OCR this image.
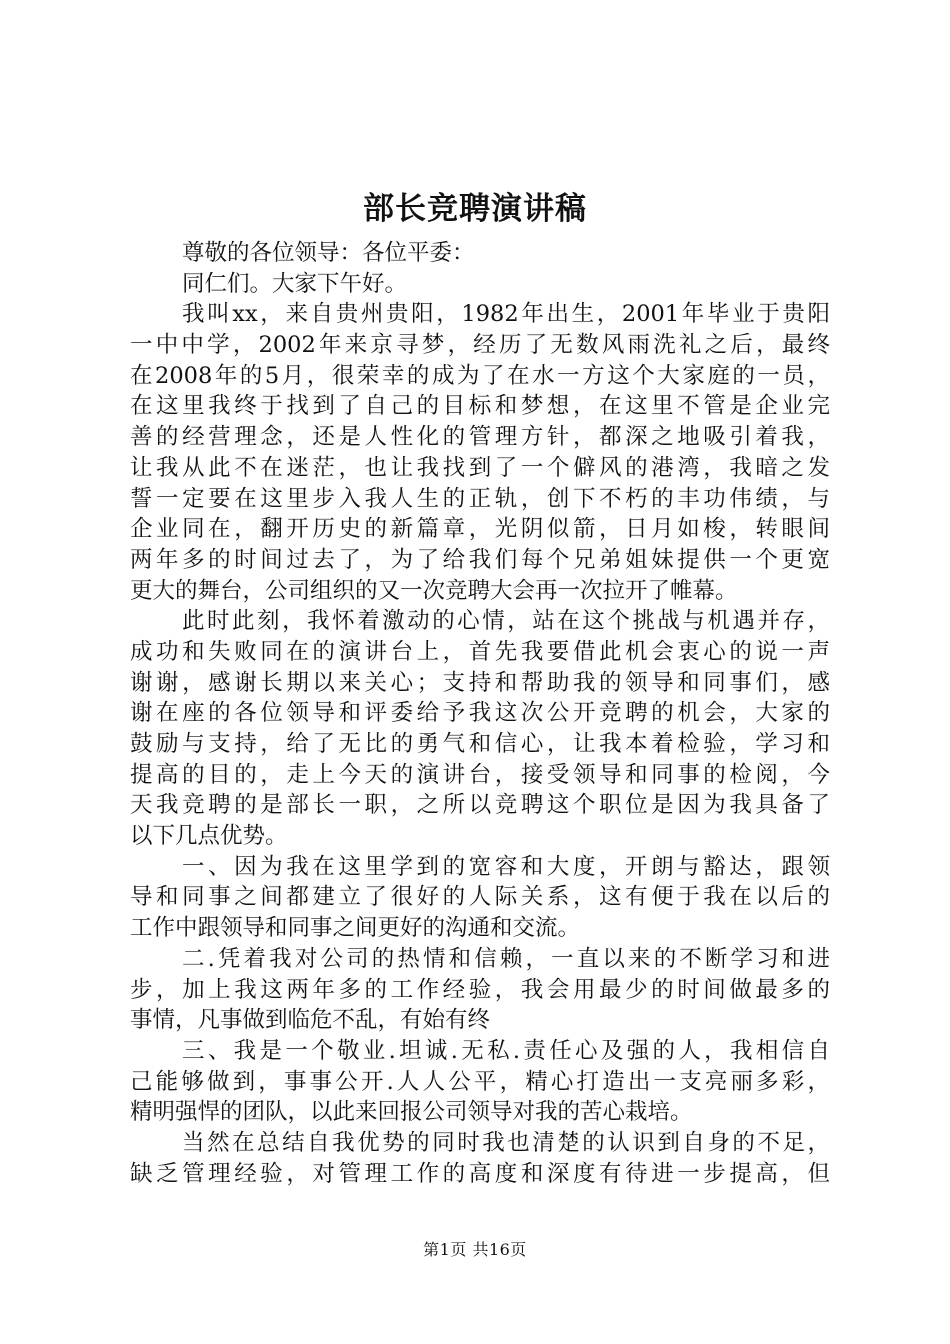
部长竞聘演讲稿
尊敬的各位领导：各位平委：
同仁们。大家下午好。
我叫xx，来自贵州贵阳，1982年出生，2001年毕业于贵阳
一中中学，2002年来京寻梦，经历了无数风雨洗礼之后，最终
在2008年的5月，很荣幸的成为了在水一方这个大家庭的一员，
在这里我终于找到了自己的目标和梦想，在这里不管是企业完
善的经营理念，还是人性化的管理方针，都深之地吸引着我，
让我从此不在迷茫，也让我找到了一个僻风的港湾，我暗之发
誓一定要在这里步入我人生的正轨，创下不朽的丰功伟绩，与
企业同在，翻开历史的新篇章，光阴似箭，日月如梭，转眼间
两年多的时间过去了，为了给我们每个兄弟姐妹提供一个更宽
更大的舞台，公司组织的又一次竞聘大会再一次拉开了帷幕。
此时此刻，我怀着激动的心情，站在这个挑战与机遇并存，
成功和失败同在的演讲台上，首先我要借此机会衷心的说一声
谢谢，感谢长期以来关心；支持和帮助我的领导和同事们，感
谢在座的各位领导和评委给予我这次公开竞聘的机会，大家的
鼓励与支持，给了无比的勇气和信心，让我本着检验，学习和
提高的目的，走上今天的演讲台，接受领导和同事的检阅，今
天我竞聘的是部长一职，之所以竞聘这个职位是因为我具备了
以下几点优势。
一、因为我在这里学到的宽容和大度，开朗与豁达，跟领
导和同事之间都建立了很好的人际关系，这有便于我在以后的
工作中跟领导和同事之间更好的沟通和交流。
二.凭着我对公司的热情和信赖，一直以来的不断学习和进
步，加上我这两年多的工作经验，我会用最少的时间做最多的
事情，凡事做到临危不乱，有始有终
三、我是一个敬业.坦诚.无私.责任心及强的人，我相信自
己能够做到，事事公开.人人公平，精心打造出一支亮丽多彩，
精明强悍的团队，以此来回报公司领导对我的苦心栽培。
当然在总结自我优势的同时我也清楚的认识到自身的不足，
缺乏管理经验，对管理工作的高度和深度有待进一步提高，但
第1页 共16页
